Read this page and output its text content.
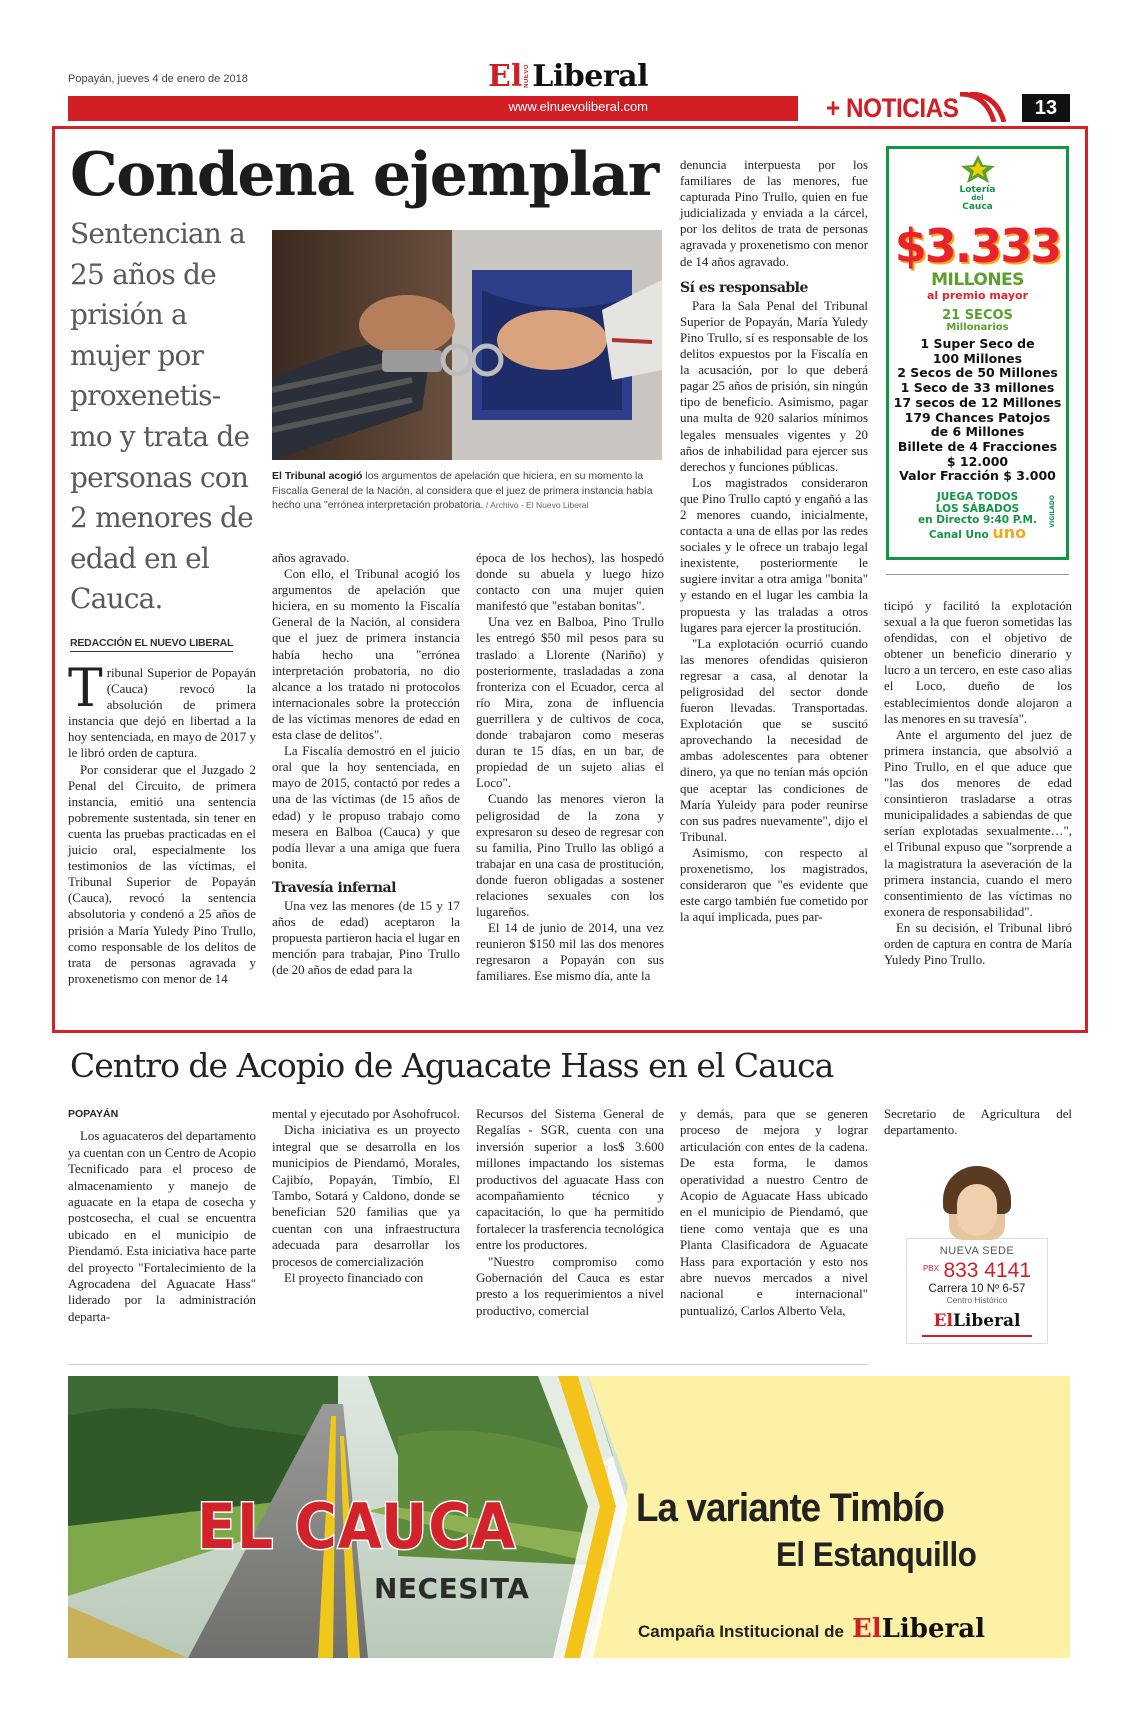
Popayán, jueves 4 de enero de 2018	El NUEVO Liberal
www.elnuevoliberal.com	+ NOTICIAS	13
Condena ejemplar
Sentencian a 25 años de prisión a mujer por proxenetis- mo y trata de personas con 2 menores de edad en el Cauca.
REDACCIÓN EL NUEVO LIBERAL

Tribunal Superior de Popayán (Cauca) revocó la absolución de primera instancia que dejó en libertad a la hoy sentenciada, en mayo de 2017 y le libró orden de captura.

Por considerar que el Juzgado 2 Penal del Circuito, de primera instancia, emitió una sentencia pobremente sustentada, sin tener en cuenta las pruebas practicadas en el juicio oral, especialmente los testimonios de las víctimas, el Tribunal Superior de Popayán (Cauca), revocó la sentencia absolutoria y condenó a 25 años de prisión a María Yuledy Pino Trullo, como responsable de los delitos de trata de personas agravada y proxenetismo con menor de 14

El Tribunal acogió los argumentos de apelación que hiciera, en su momento la Fiscalía General de la Nación, al considera que el juez de primera instancia había hecho una "errónea interpretación probatoria. / Archivo - El Nuevo Liberal

años agravado.

Con ello, el Tribunal acogió los argumentos de apelación que hiciera, en su momento la Fiscalía General de la Nación, al considera que el juez de primera instancia había hecho una "errónea interpretación probatoria, no dio alcance a los tratado ni protocolos internacionales sobre la protección de las víctimas menores de edad en esta clase de delitos".

La Fiscalía demostró en el juicio oral que la hoy sentenciada, en mayo de 2015, contactó por redes a una de las víctimas (de 15 años de edad) y le propuso trabajo como mesera en Balboa (Cauca) y que podía llevar a una amiga que fuera bonita.

Travesía infernal

Una vez las menores (de 15 y 17 años de edad) aceptaron la propuesta partieron hacia el lugar en mención para trabajar, Pino Trullo (de 20 años de edad para la

época de los hechos), las hospedó donde su abuela y luego hizo contacto con una mujer quien manifestó que "estaban bonitas".

Una vez en Balboa, Pino Trullo les entregó $50 mil pesos para su traslado a Llorente (Nariño) y posteriormente, trasladadas a zona fronteriza con el Ecuador, cerca al río Mira, zona de influencia guerrillera y de cultivos de coca, donde trabajaron como meseras duran te 15 días, en un bar, de propiedad de un sujeto alias el Loco".

Cuando las menores vieron la peligrosidad de la zona y expresaron su deseo de regresar con su familia, Pino Trullo las obligó a trabajar en una casa de prostitución, donde fueron obligadas a sostener relaciones sexuales con los lugareños.

El 14 de junio de 2014, una vez reunieron $150 mil las dos menores regresaron a Popayán con sus familiares. Ese mismo día, ante la

denuncia interpuesta por los familiares de las menores, fue capturada Pino Trullo, quien en fue judicializada y enviada a la cárcel, por los delitos de trata de personas agravada y proxenetismo con menor de 14 años agravado.

Sí es responsable

Para la Sala Penal del Tribunal Superior de Popayán, María Yuledy Pino Trullo, sí es responsable de los delitos expuestos por la Fiscalía en la acusación, por lo que deberá pagar 25 años de prisión, sin ningún tipo de beneficio. Asimismo, pagar una multa de 920 salarios mínimos legales mensuales vigentes y 20 años de inhabilidad para ejercer sus derechos y funciones públicas.

Los magistrados consideraron que Pino Trullo captó y engañó a las 2 menores cuando, inicialmente, contacta a una de ellas por las redes sociales y le ofrece un trabajo legal inexistente, posteriormente le sugiere invitar a otra amiga "bonita" y estando en el lugar les cambia la propuesta y las traladas a otros lugares para ejercer la prostitución.

"La explotación ocurrió cuando las menores ofendidas quisieron regresar a casa, al denotar la peligrosidad del sector donde fueron llevadas. Transportadas. Explotación que se suscitó aprovechando la necesidad de ambas adolescentes para obtener dinero, ya que no tenían más opción que aceptar las condiciones de María Yuleidy para poder reunirse con sus padres nuevamente", dijo el Tribunal.

Asimismo, con respecto al proxenetismo, los magistrados, consideraron que "es evidente que este cargo también fue cometido por la aquí implicada, pues par-

ticipó y facilitó la explotación sexual a la que fueron sometidas las ofendidas, con el objetivo de obtener un beneficio dinerario y lucro a un tercero, en este caso alias el Loco, dueño de los establecimientos donde alojaron a las menores en su travesía".

Ante el argumento del juez de primera instancia, que absolvió a Pino Trullo, en el que aduce que "las dos menores de edad consintieron trasladarse a otras municipalidades a sabiendas de que serían explotadas sexualmente…", el Tribunal expuso que "sorprende a la magistratura la aseveración de la primera instancia, cuando el mero consentimiento de las víctimas no exonera de responsabilidad".

En su decisión, el Tribunal libró orden de captura en contra de María Yuledy Pino Trullo.

Lotería
del
Cauca
$3.333
MILLONES
al premio mayor
21 SECOS
Millonarios
1 Super Seco de
100 Millones
2 Secos de 50 Millones
1 Seco de 33 millones
17 secos de 12 Millones
179 Chances Patojos
de 6 Millones
Billete de 4 Fracciones
$ 12.000
Valor Fracción $ 3.000
JUEGA TODOS
LOS SÁBADOS
en Directo 9:40 P.M.
Canal Uno uno
VIGILADO
Centro de Acopio de Aguacate Hass en el Cauca
POPAYÁN

Los aguacateros del departamento ya cuentan con un Centro de Acopio Tecnificado para el proceso de almacenamiento y manejo de aguacate en la etapa de cosecha y postcosecha, el cual se encuentra ubicado en el municipio de Piendamó. Esta iniciativa hace parte del proyecto "Fortalecimiento de la Agrocadena del Aguacate Hass" liderado por la administración departa-

mental y ejecutado por Asohofrucol.

Dicha iniciativa es un proyecto integral que se desarrolla en los municipios de Piendamó, Morales, Cajibío, Popayán, Timbío, El Tambo, Sotará y Caldono, donde se benefician 520 familias que ya cuentan con una infraestructura adecuada para desarrollar los procesos de comercialización

El proyecto financiado con

Recursos del Sistema General de Regalías - SGR, cuenta con una inversión superior a los$ 3.600 millones impactando los sistemas productivos del aguacate Hass con acompañamiento técnico y capacitación, lo que ha permitido fortalecer la trasferencia tecnológica entre los productores.

"Nuestro compromiso como Gobernación del Cauca es estar presto a los requerimientos a nivel productivo, comercial

y demás, para que se generen proceso de mejora y lograr articulación con entes de la cadena. De esta forma, le damos operatividad a nuestro Centro de Acopio de Aguacate Hass ubicado en el municipio de Piendamó, que tiene como ventaja que es una Planta Clasificadora de Aguacate Hass para exportación y esto nos abre nuevos mercados a nivel nacional e internacional" puntualizó, Carlos Alberto Vela,

Secretario de Agricultura del departamento.

NUEVA SEDE
$^{PBX}$ 833 4141
Carrera 10 Nº 6-57
Centro Histórico
ElLiberal
EL CAUCA
NECESITA
La variante Timbío
El Estanquillo
Campaña Institucional de ElLiberal
